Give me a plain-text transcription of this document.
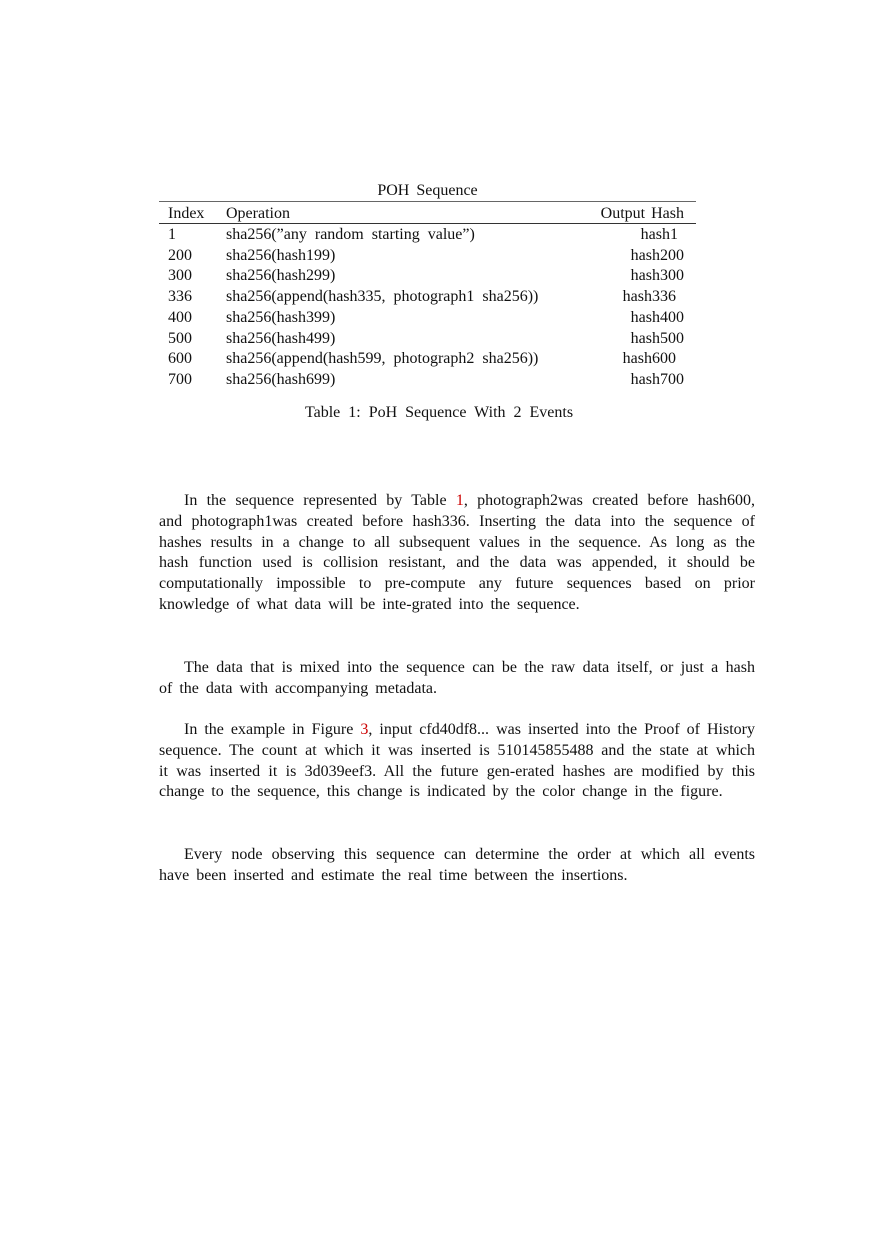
POH Sequence
Index	Operation	Output Hash
1	sha256(”any random starting value”)	hash1
200	sha256(hash199)	hash200
300	sha256(hash299)	hash300
336	sha256(append(hash335, photograph1 sha256))	hash336
400	sha256(hash399)	hash400
500	sha256(hash499)	hash500
600	sha256(append(hash599, photograph2 sha256))	hash600
700	sha256(hash699)	hash700
Table 1: PoH Sequence With 2 Events

In the sequence represented by Table 1, photograph2was created before hash600, and photograph1was created before hash336. Inserting the data into the sequence of hashes results in a change to all subsequent values in the sequence. As long as the hash function used is collision resistant, and the data was appended, it should be computationally impossible to pre-compute any future sequences based on prior knowledge of what data will be inte-grated into the sequence.

The data that is mixed into the sequence can be the raw data itself, or just a hash of the data with accompanying metadata.

In the example in Figure 3, input cfd40df8... was inserted into the Proof of History sequence. The count at which it was inserted is 510145855488 and the state at which it was inserted it is 3d039eef3. All the future gen-erated hashes are modified by this change to the sequence, this change is indicated by the color change in the figure.

Every node observing this sequence can determine the order at which all events have been inserted and estimate the real time between the insertions.
